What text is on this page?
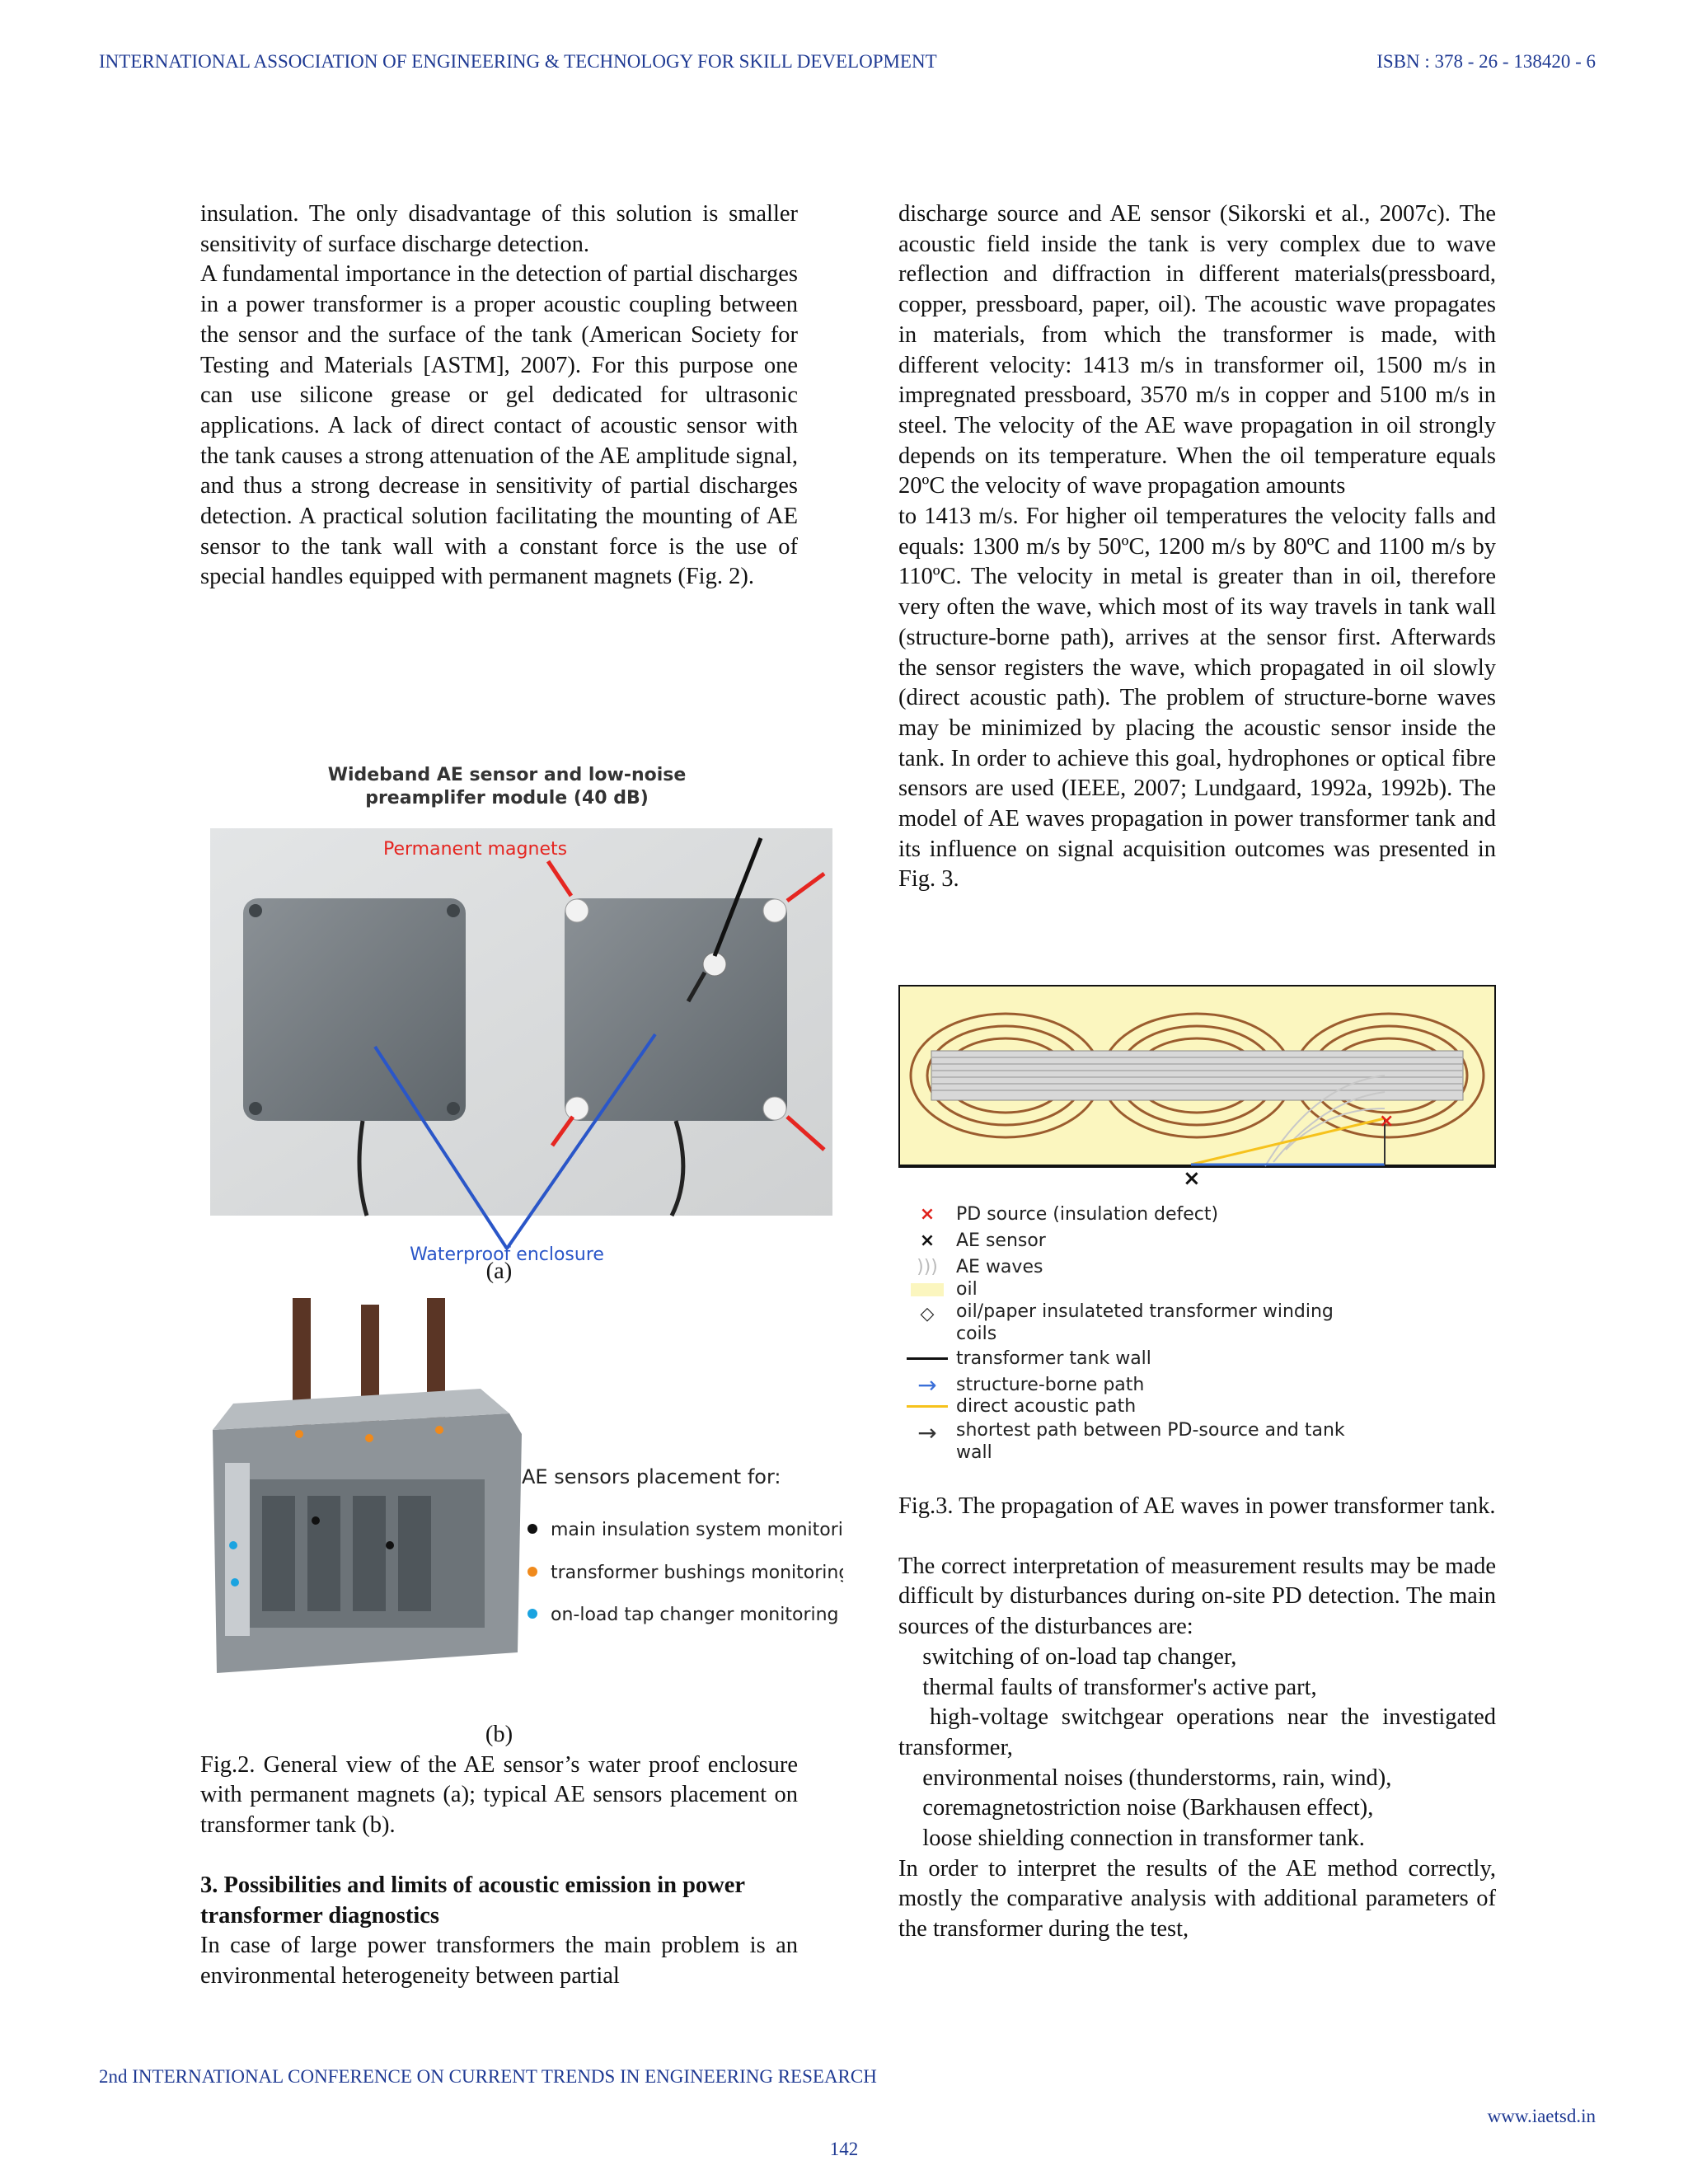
INTERNATIONAL ASSOCIATION OF ENGINEERING & TECHNOLOGY FOR SKILL DEVELOPMENT	ISBN : 378 - 26 - 138420 - 6

insulation. The only disadvantage of this solution is smaller sensitivity of surface discharge detection.

A fundamental importance in the detection of partial discharges in a power transformer is a proper acoustic coupling between the sensor and the surface of the tank (American Society for Testing and Materials [ASTM], 2007). For this purpose one can use silicone grease or gel dedicated for ultrasonic applications. A lack of direct contact of acoustic sensor with the tank causes a strong attenuation of the AE amplitude signal, and thus a strong decrease in sensitivity of partial discharges detection. A practical solution facilitating the mounting of AE sensor to the tank wall with a constant force is the use of special handles equipped with permanent magnets (Fig. 2).

Wideband AE sensor and low-noise
preamplifer module (40 dB)
Permanent magnets
Waterproof enclosure
(a)
AE sensors placement for:
main insulation system monitoring
transformer bushings monitoring
on-load tap changer monitoring

(b)

Fig.2. General view of the AE sensor’s water proof enclosure with permanent magnets (a); typical AE sensors placement on transformer tank (b).

3. Possibilities and limits of acoustic emission in power transformer diagnostics

In case of large power transformers the main problem is an environmental heterogeneity between partial

discharge source and AE sensor (Sikorski et al., 2007c). The acoustic field inside the tank is very complex due to wave reflection and diffraction in different materials(pressboard, copper, pressboard, paper, oil). The acoustic wave propagates in materials, from which the transformer is made, with different velocity: 1413 m/s in transformer oil, 1500 m/s in impregnated pressboard, 3570 m/s in copper and 5100 m/s in steel. The velocity of the AE wave propagation in oil strongly depends on its temperature. When the oil temperature equals 20ºC the velocity of wave propagation amounts

to 1413 m/s. For higher oil temperatures the velocity falls and equals: 1300 m/s by 50ºC, 1200 m/s by 80ºC and 1100 m/s by 110ºC. The velocity in metal is greater than in oil, therefore very often the wave, which most of its way travels in tank wall (structure-borne path), arrives at the sensor first. Afterwards the sensor registers the wave, which propagated in oil slowly (direct acoustic path). The problem of structure-borne waves may be minimized by placing the acoustic sensor inside the tank. In order to achieve this goal, hydrophones or optical fibre sensors are used (IEEE, 2007; Lundgaard, 1992a, 1992b). The model of AE waves propagation in power transformer tank and its influence on signal acquisition outcomes was presented in Fig. 3.

×
×
×	PD source (insulation defect)
×	AE sensor
)))	AE waves
oil
◇	oil/paper insulateted transformer winding coils
transformer tank wall
→	structure-borne path
direct acoustic path
→	shortest path between PD-source and tank wall

Fig.3. The propagation of AE waves in power transformer tank.

The correct interpretation of measurement results may be made difficult by disturbances during on-site PD detection. The main sources of the disturbances are:

switching of on-load tap changer,

thermal faults of transformer's active part,

high-voltage switchgear operations near the investigated transformer,

environmental noises (thunderstorms, rain, wind),

coremagnetostriction noise (Barkhausen effect),

loose shielding connection in transformer tank.

In order to interpret the results of the AE method correctly, mostly the comparative analysis with additional parameters of the transformer during the test,

2nd INTERNATIONAL CONFERENCE ON CURRENT TRENDS IN ENGINEERING RESEARCH
www.iaetsd.in
142
